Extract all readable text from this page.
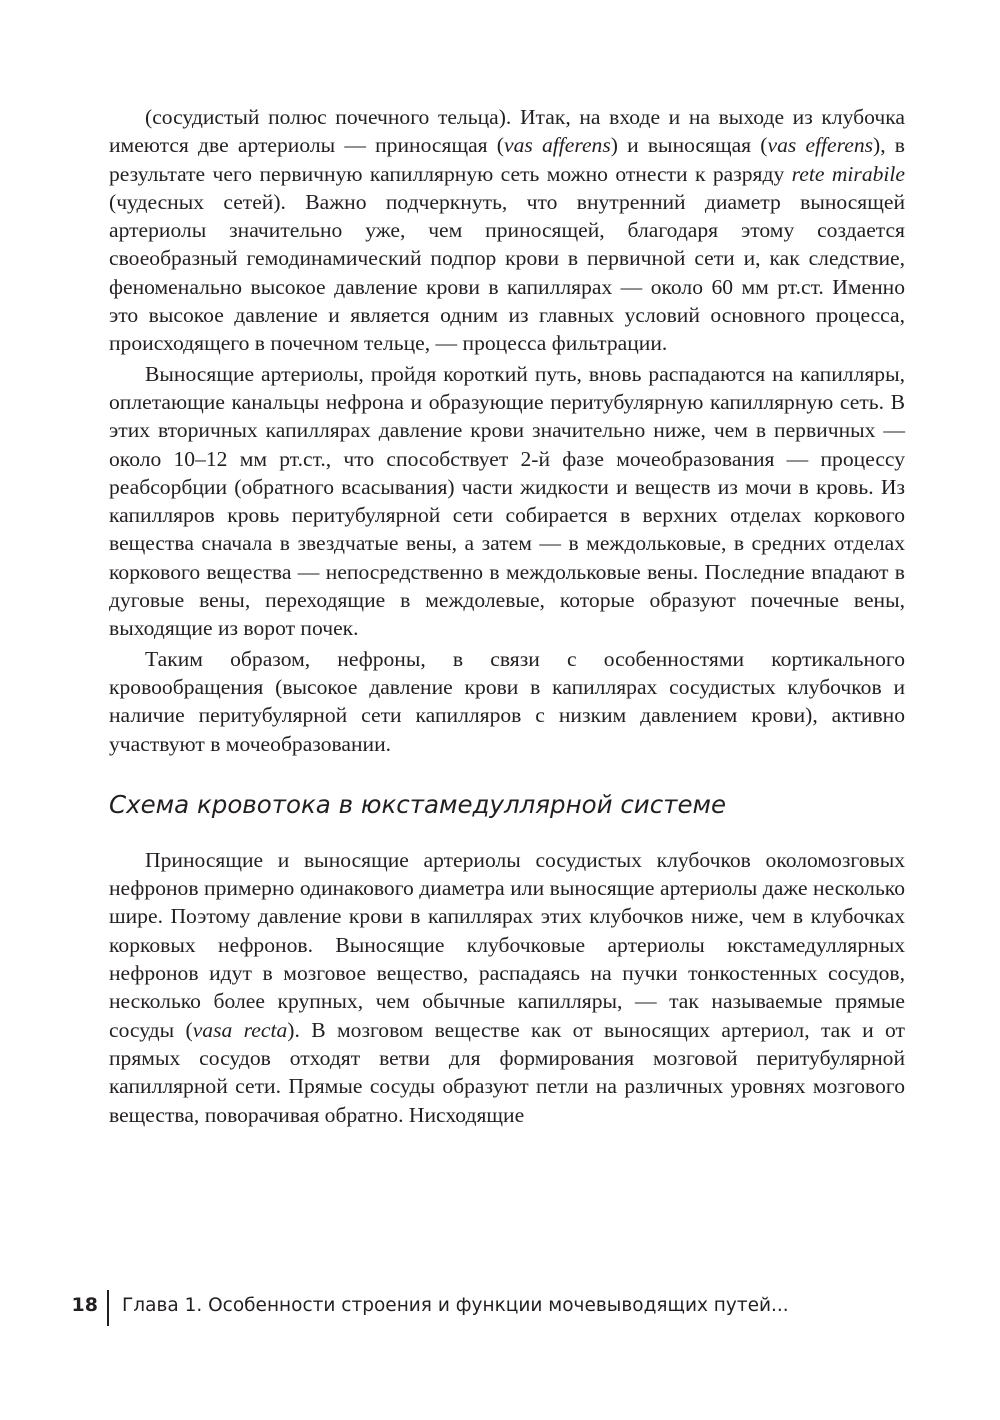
(сосудистый полюс почечного тельца). Итак, на входе и на выходе из клубочка имеются две артериолы — приносящая (vas afferens) и выносящая (vas efferens), в результате чего первичную капиллярную сеть можно отнести к разряду rete mirabile (чудесных сетей). Важно подчеркнуть, что внутренний диаметр выносящей артериолы значительно уже, чем приносящей, благодаря этому создается своеобразный гемодинамический подпор крови в первичной сети и, как следствие, феноменально высокое давление крови в капиллярах — около 60 мм рт.ст. Именно это высокое давление и является одним из главных условий основного процесса, происходящего в почечном тельце, — процесса фильтрации.

Выносящие артериолы, пройдя короткий путь, вновь распадаются на капилляры, оплетающие канальцы нефрона и образующие перитубулярную капиллярную сеть. В этих вторичных капиллярах давление крови значительно ниже, чем в первичных — около 10–12 мм рт.ст., что способствует 2-й фазе мочеобразования — процессу реабсорбции (обратного всасывания) части жидкости и веществ из мочи в кровь. Из капилляров кровь перитубулярной сети собирается в верхних отделах коркового вещества сначала в звездчатые вены, а затем — в междольковые, в средних отделах коркового вещества — непосредственно в междольковые вены. Последние впадают в дуговые вены, переходящие в междолевые, которые образуют почечные вены, выходящие из ворот почек.

Таким образом, нефроны, в связи с особенностями кортикального кровообращения (высокое давление крови в капиллярах сосудистых клубочков и наличие перитубулярной сети капилляров с низким давлением крови), активно участвуют в мочеобразовании.

Схема кровотока в юкстамедуллярной системе

Приносящие и выносящие артериолы сосудистых клубочков околомозговых нефронов примерно одинакового диаметра или выносящие артериолы даже несколько шире. Поэтому давление крови в капиллярах этих клубочков ниже, чем в клубочках корковых нефронов. Выносящие клубочковые артериолы юкстамедуллярных нефронов идут в мозговое вещество, распадаясь на пучки тонкостенных сосудов, несколько более крупных, чем обычные капилляры, — так называемые прямые сосуды (vasa recta). В мозговом веществе как от выносящих артериол, так и от прямых сосудов отходят ветви для формирования мозговой перитубулярной капиллярной сети. Прямые сосуды образуют петли на различных уровнях мозгового вещества, поворачивая обратно. Нисходящие

18 Глава 1. Особенности строения и функции мочевыводящих путей...
